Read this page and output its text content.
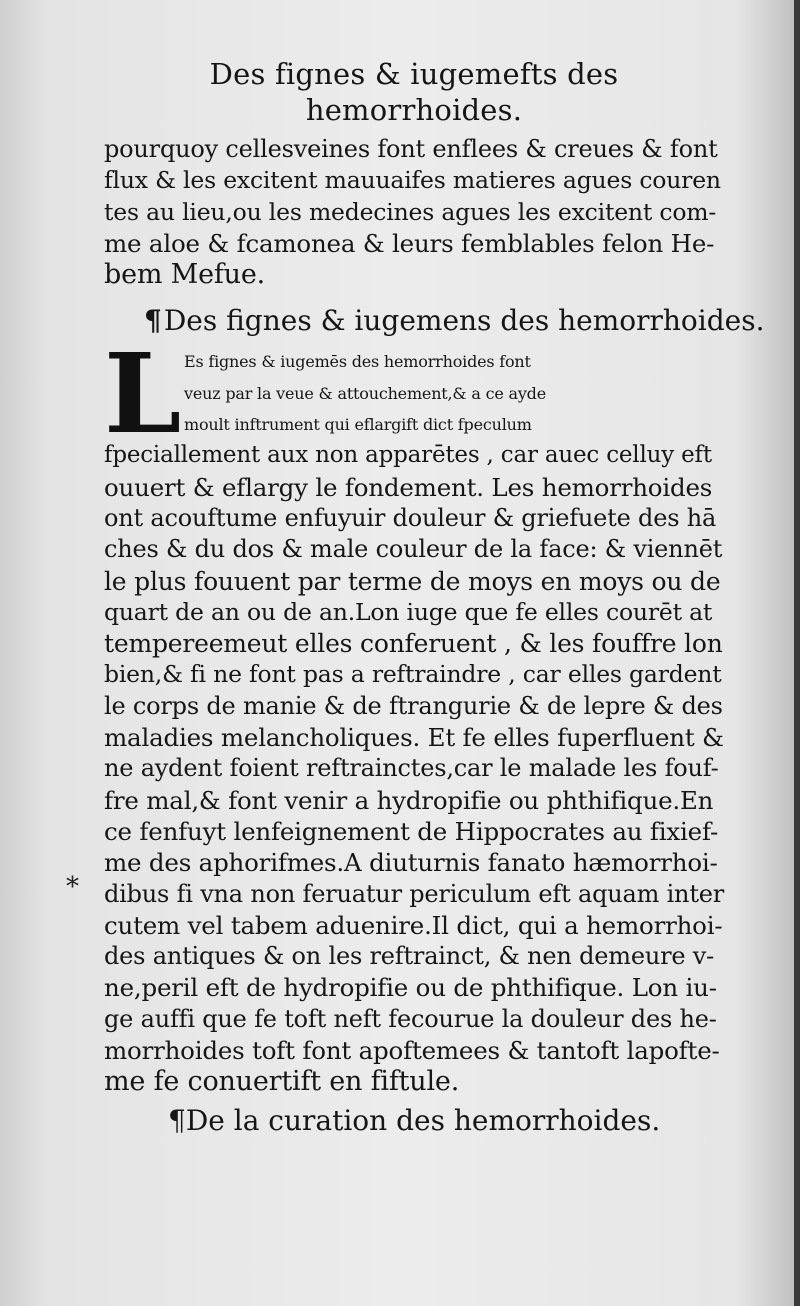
*
Des fignes & iugemefts des hemorrhoides.

pourquoy cellesveines font enflees & creues & font

flux & les excitent mauuaifes matieres agues couren

tes au lieu,ou les medecines agues les excitent com-

me aloe & fcamonea & leurs femblables felon He-

bem Mefue.

¶Des fignes & iugemens des hemorrhoides.
L Es fignes & iugemēs des hemorrhoides font

veuz par la veue & attouchement,& a ce ayde

moult inftrument qui eflargift dict fpeculum

fpeciallement aux non apparētes , car auec celluy eft

ouuert & eflargy le fondement. Les hemorrhoides

ont acouftume enfuyuir douleur & griefuete des hā

ches & du dos & male couleur de la face: & viennēt

le plus fouuent par terme de moys en moys ou de

quart de an ou de an.Lon iuge que fe elles courēt at

tempereemeut elles conferuent , & les fouffre lon

bien,& fi ne font pas a reftraindre , car elles gardent

le corps de manie & de ftrangurie & de lepre & des

maladies melancholiques. Et fe elles fuperfluent &

ne aydent foient reftrainctes,car le malade les fouf-

fre mal,& font venir a hydropifie ou phthifique.En

ce fenfuyt lenfeignement de Hippocrates au fixief-

me des aphorifmes.A diuturnis fanato hæmorrhoi-

dibus fi vna non feruatur periculum eft aquam inter

cutem vel tabem aduenire.Il dict, qui a hemorrhoi-

des antiques & on les reftrainct, & nen demeure v-

ne,peril eft de hydropifie ou de phthifique. Lon iu-

ge auffi que fe toft neft fecourue la douleur des he-

morrhoides toft font apoftemees & tantoft lapofte-

me fe conuertift en fiftule.

¶De la curation des hemorrhoides.
